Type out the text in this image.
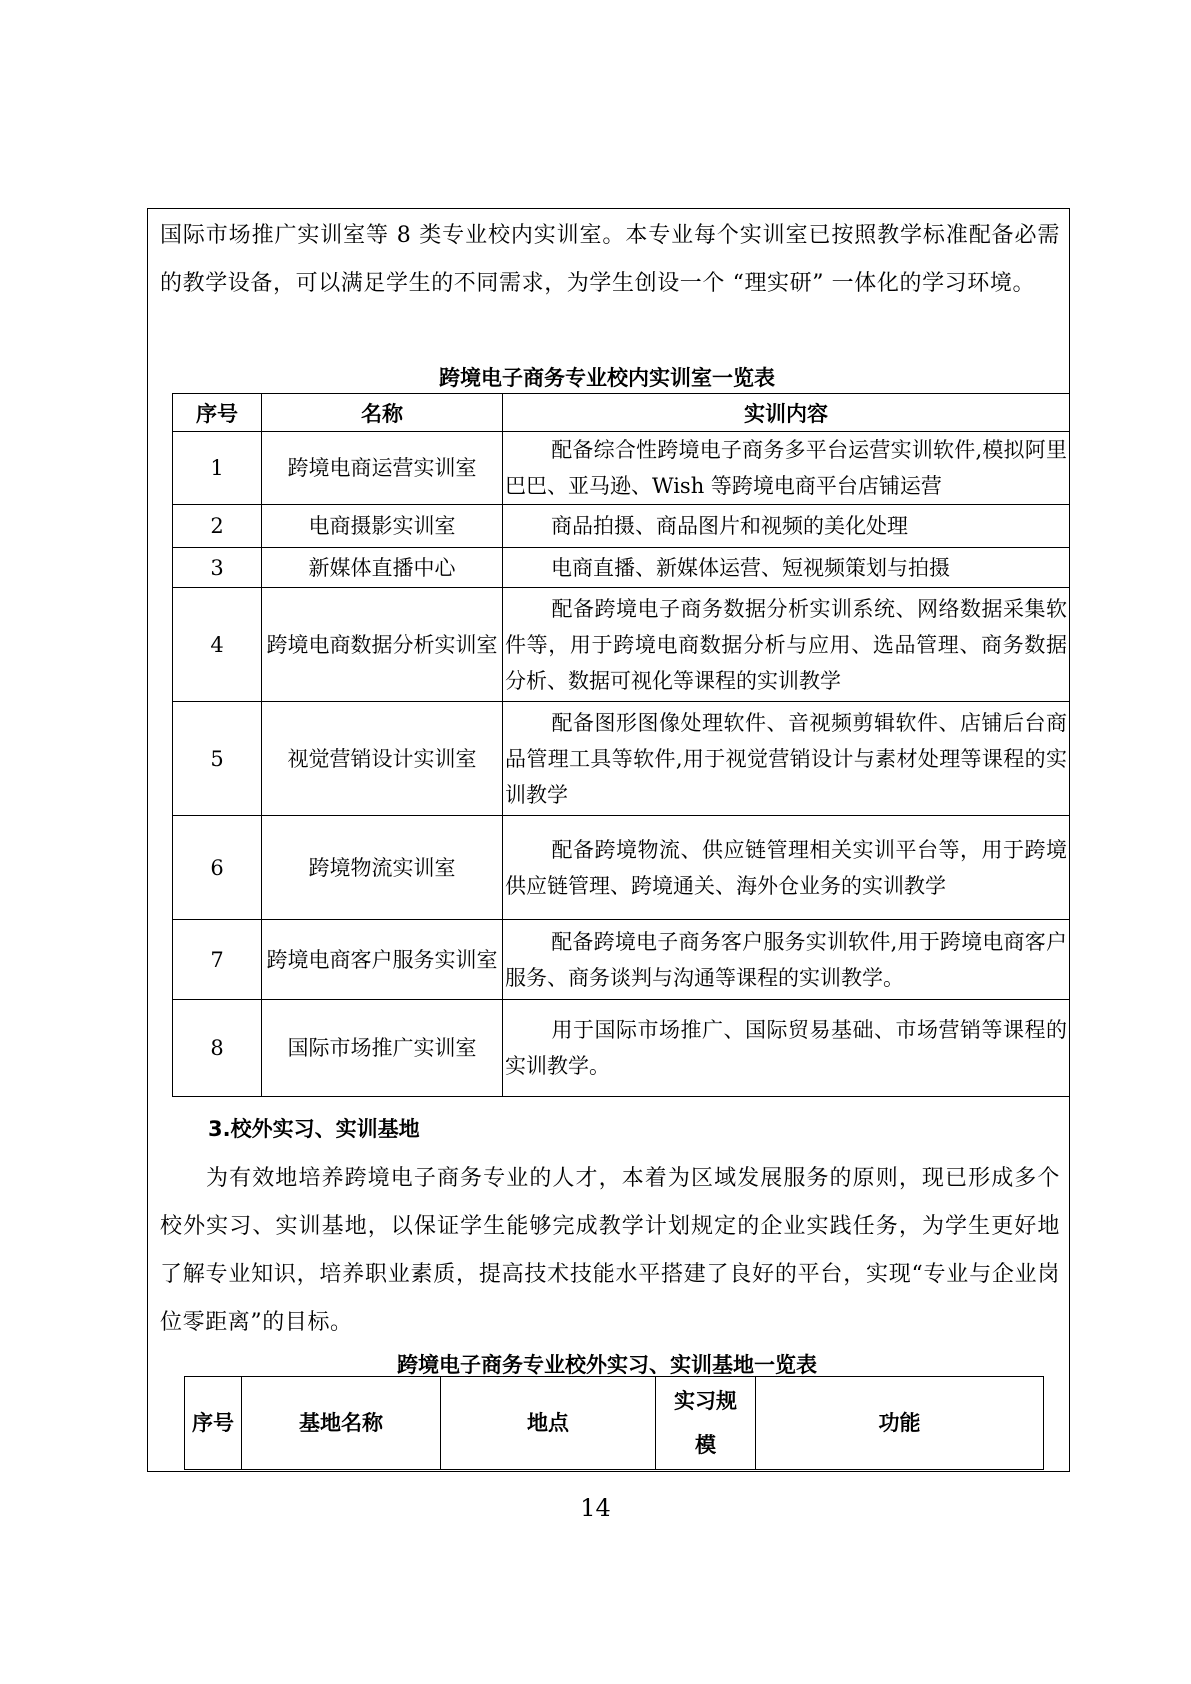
国际市场推广实训室等 8 类专业校内实训室。本专业每个实训室已按照教学标准配备必需的教学设备，可以满足学生的不同需求，为学生创设一个 “理实研” 一体化的学习环境。

跨境电子商务专业校内实训室一览表

序号	名称	实训内容
1	跨境电商运营实训室	配备综合性跨境电子商务多平台运营实训软件,模拟阿里巴巴、亚马逊、Wish 等跨境电商平台店铺运营
2	电商摄影实训室	商品拍摄、商品图片和视频的美化处理
3	新媒体直播中心	电商直播、新媒体运营、短视频策划与拍摄
4	跨境电商数据分析实训室	配备跨境电子商务数据分析实训系统、网络数据采集软件等，用于跨境电商数据分析与应用、选品管理、商务数据分析、数据可视化等课程的实训教学
5	视觉营销设计实训室	配备图形图像处理软件、音视频剪辑软件、店铺后台商品管理工具等软件,用于视觉营销设计与素材处理等课程的实训教学
6	跨境物流实训室	配备跨境物流、供应链管理相关实训平台等，用于跨境供应链管理、跨境通关、海外仓业务的实训教学
7	跨境电商客户服务实训室	配备跨境电子商务客户服务实训软件,用于跨境电商客户服务、商务谈判与沟通等课程的实训教学。
8	国际市场推广实训室	用于国际市场推广、国际贸易基础、市场营销等课程的实训教学。

3.校外实习、实训基地

为有效地培养跨境电子商务专业的人才，本着为区域发展服务的原则，现已形成多个校外实习、实训基地，以保证学生能够完成教学计划规定的企业实践任务，为学生更好地了解专业知识，培养职业素质，提高技术技能水平搭建了良好的平台，实现“专业与企业岗位零距离”的目标。

跨境电子商务专业校外实习、实训基地一览表

序号	基地名称	地点	实习规模	功能

14
